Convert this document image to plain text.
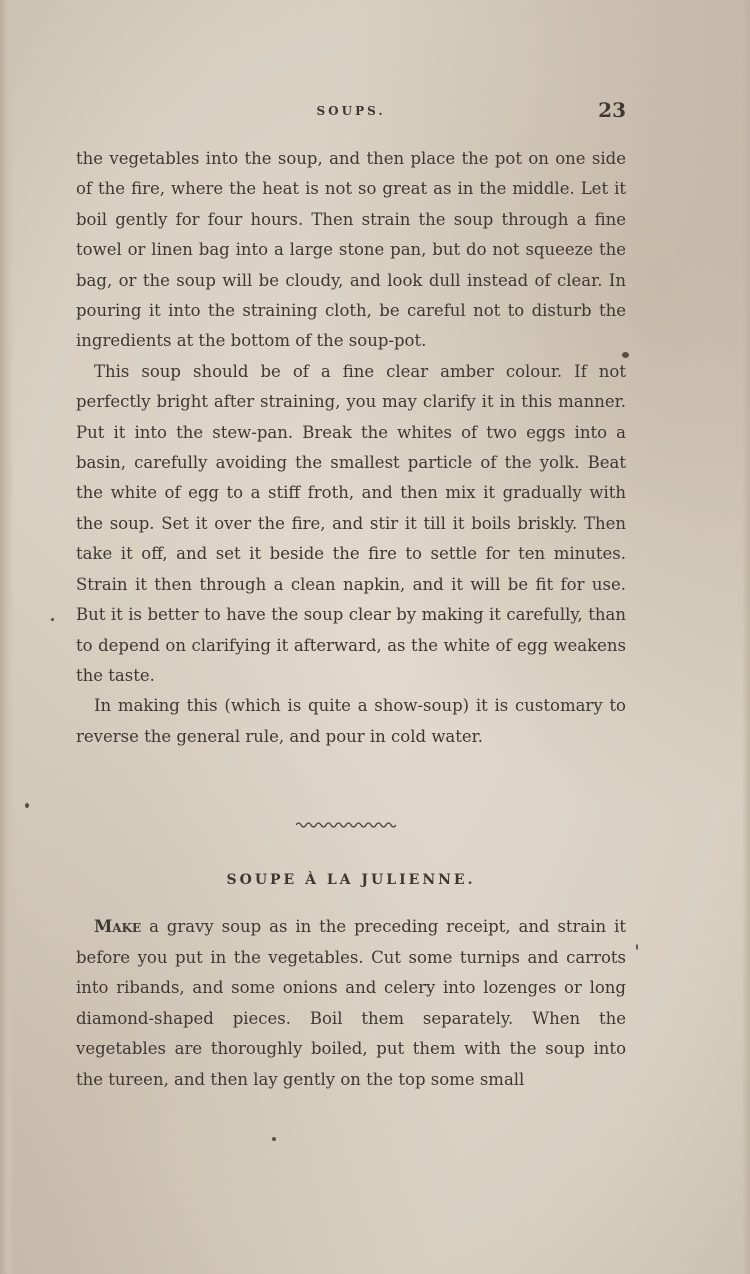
SOUPS.	23

the vegetables into the soup, and then place the pot on one side of the fire, where the heat is not so great as in the middle. Let it boil gently for four hours. Then strain the soup through a fine towel or linen bag into a large stone pan, but do not squeeze the bag, or the soup will be cloudy, and look dull instead of clear. In pouring it into the straining cloth, be careful not to disturb the ingredients at the bottom of the soup-pot.

This soup should be of a fine clear amber colour. If not perfectly bright after straining, you may clarify it in this manner. Put it into the stew-pan. Break the whites of two eggs into a basin, carefully avoiding the smallest particle of the yolk. Beat the white of egg to a stiff froth, and then mix it gradually with the soup. Set it over the fire, and stir it till it boils briskly. Then take it off, and set it beside the fire to settle for ten minutes. Strain it then through a clean napkin, and it will be fit for use. But it is better to have the soup clear by making it carefully, than to depend on clarifying it afterward, as the white of egg weakens the taste.

In making this (which is quite a show-soup) it is customary to reverse the general rule, and pour in cold water.

SOUPE À LA JULIENNE.

Make a gravy soup as in the preceding receipt, and strain it before you put in the vegetables. Cut some turnips and carrots into ribands, and some onions and celery into lozenges or long diamond-shaped pieces. Boil them separately. When the vegetables are thoroughly boiled, put them with the soup into the tureen, and then lay gently on the top some small
